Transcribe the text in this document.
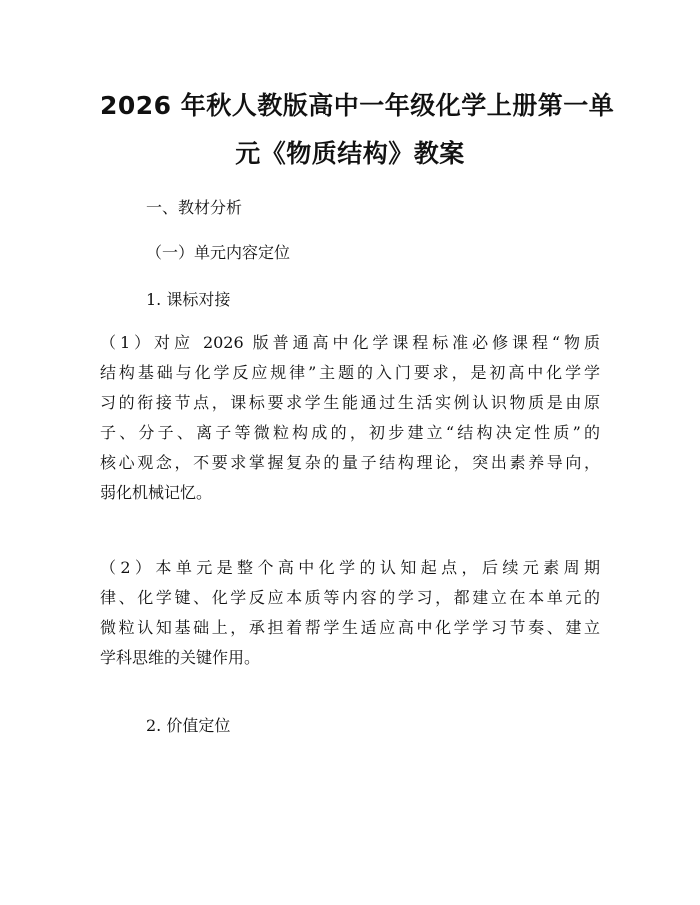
2026 年秋人教版高中一年级化学上册第一单
元《物质结构》教案
一、教材分析
（一）单元内容定位
1. 课标对接
（1）对应 2026 版普通高中化学课程标准必修课程“物质
结构基础与化学反应规律”主题的入门要求，是初高中化学学
习的衔接节点，课标要求学生能通过生活实例认识物质是由原
子、分子、离子等微粒构成的，初步建立“结构决定性质”的
核心观念，不要求掌握复杂的量子结构理论，突出素养导向，
弱化机械记忆。
（2）本单元是整个高中化学的认知起点，后续元素周期
律、化学键、化学反应本质等内容的学习，都建立在本单元的
微粒认知基础上，承担着帮学生适应高中化学学习节奏、建立
学科思维的关键作用。
2. 价值定位
